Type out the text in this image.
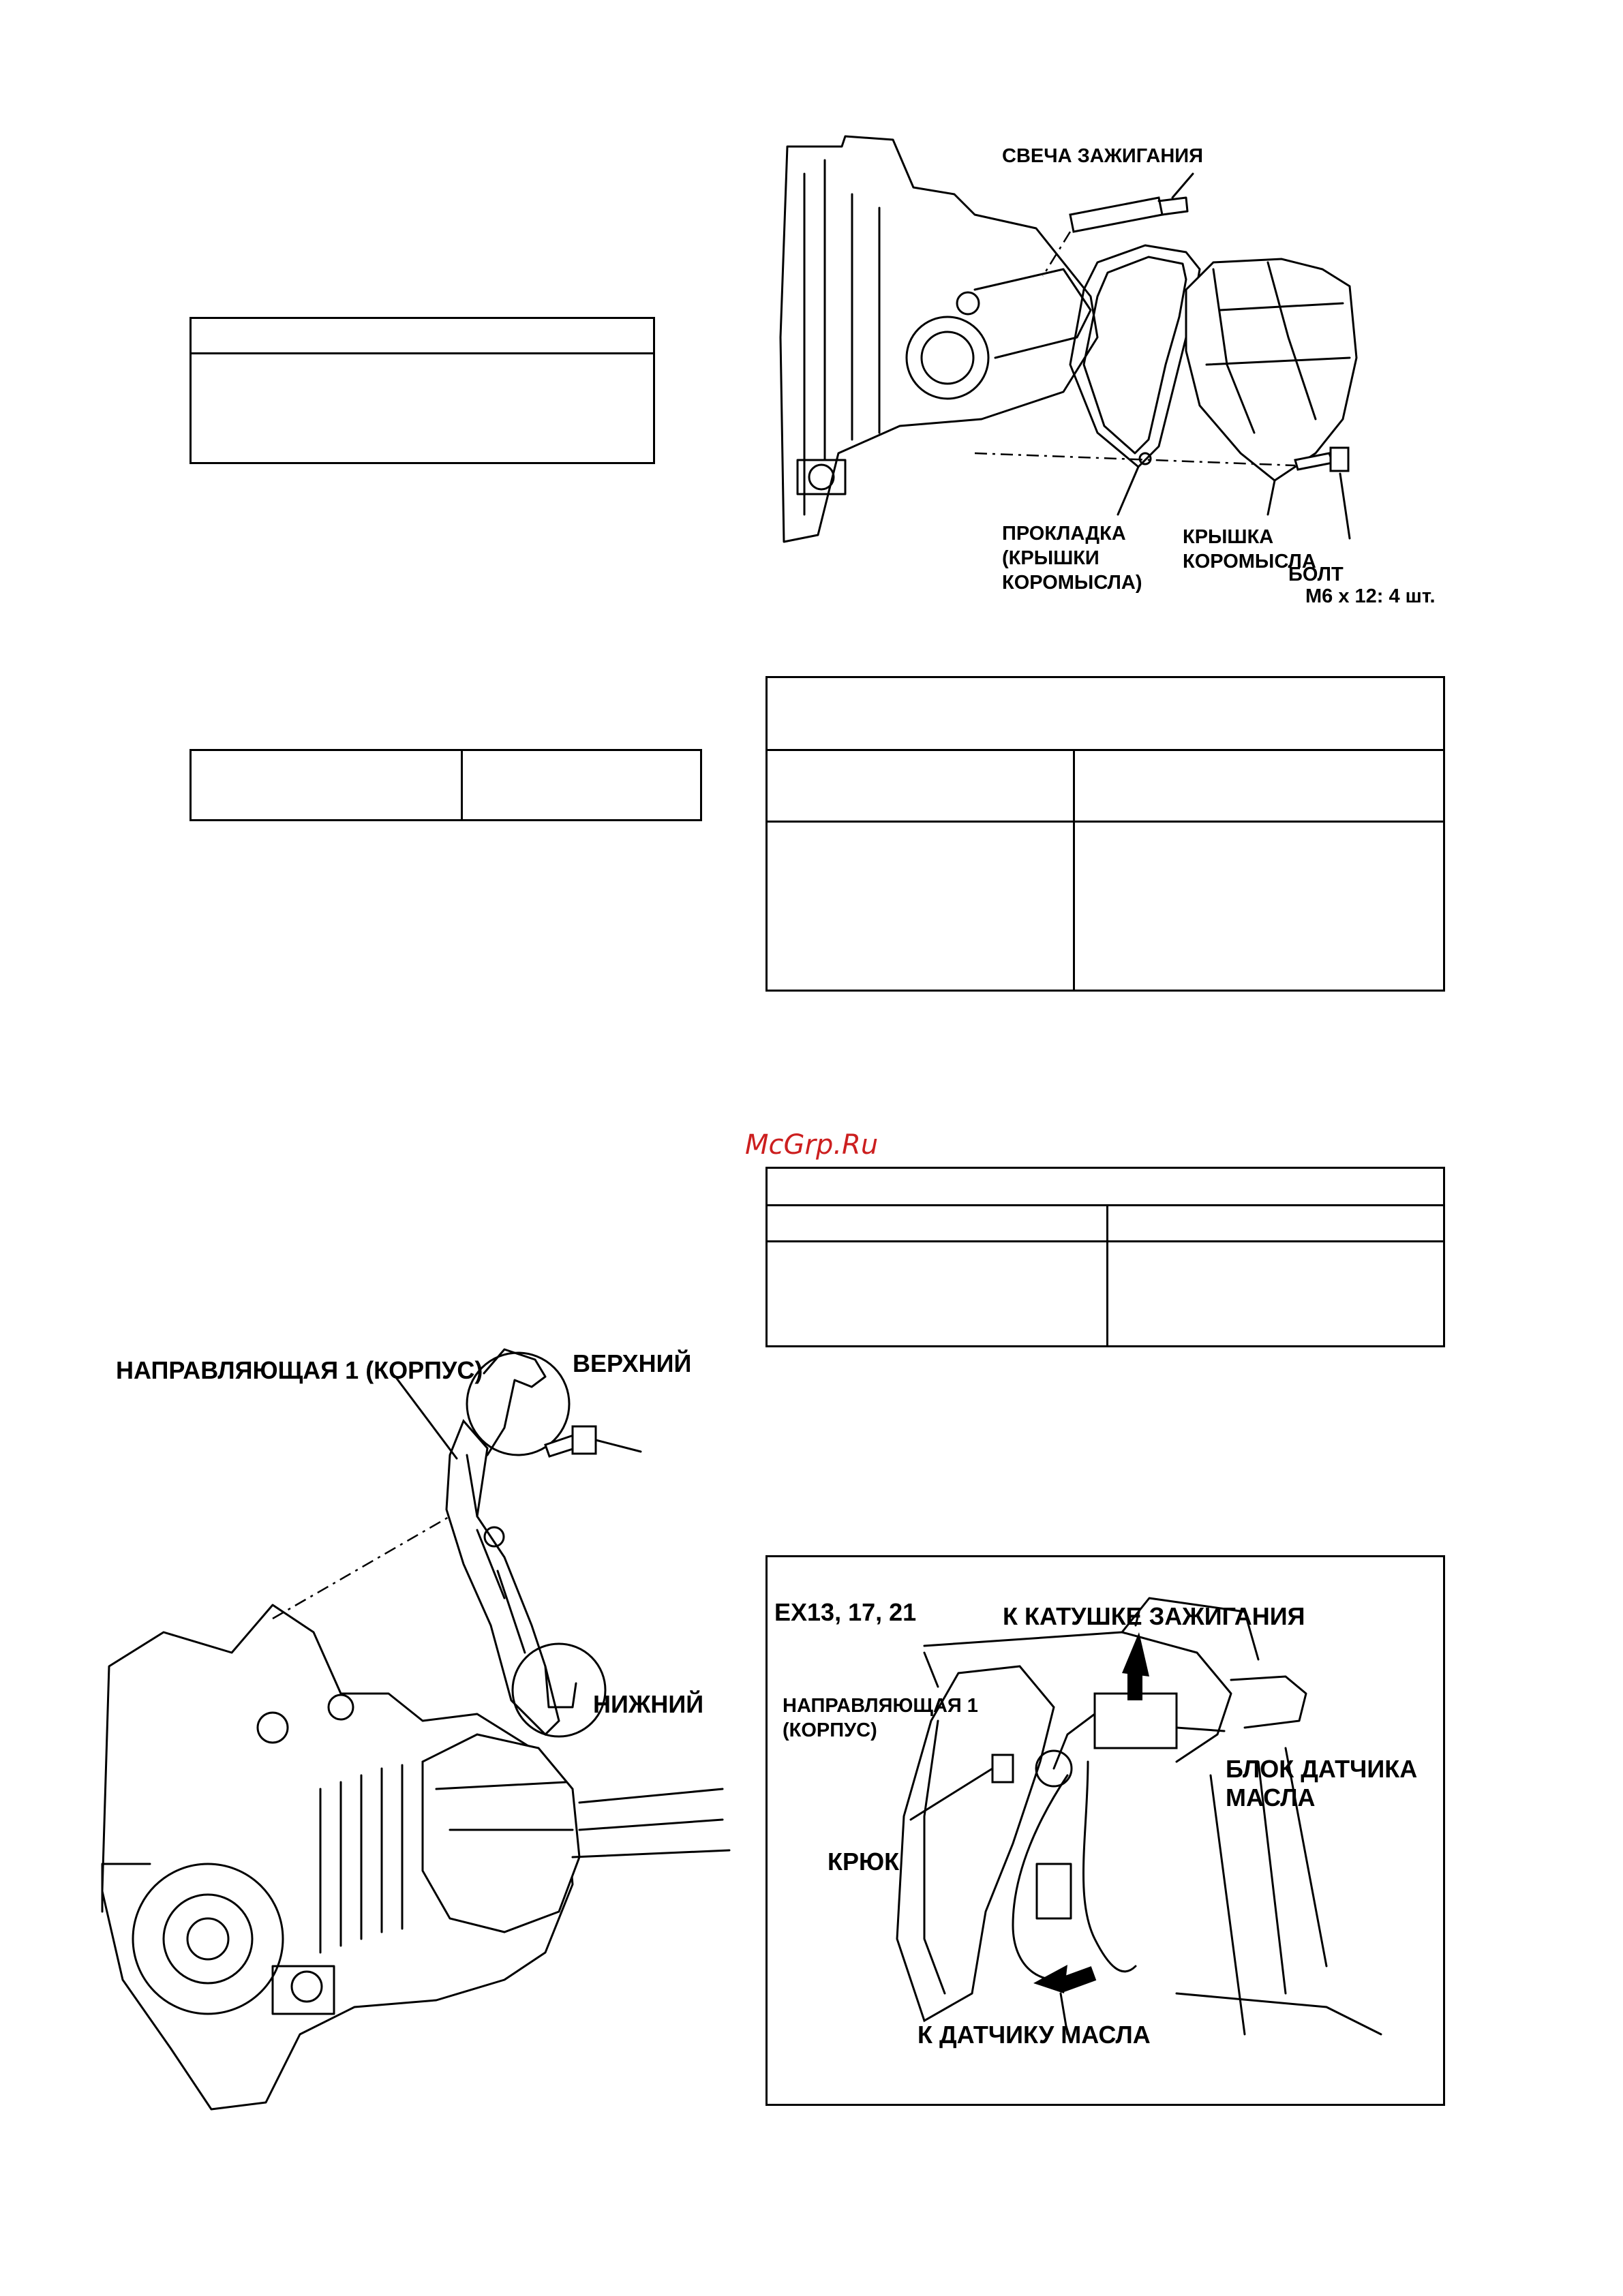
McGrp.Ru
СВЕЧА ЗАЖИГАНИЯ
ПРОКЛАДКА
(КРЫШКИ
КОРОМЫСЛА)
КРЫШКА
КОРОМЫСЛА
БОЛТ
M6 x 12: 4 шт.
НАПРАВЛЯЮЩАЯ 1 (КОРПУС)	ВЕРХНИЙ
НИЖНИЙ
EX13, 17, 21	К КАТУШКЕ ЗАЖИГАНИЯ
НАПРАВЛЯЮЩАЯ 1
(КОРПУС)
БЛОК ДАТЧИКА
МАСЛА
КРЮК
К ДАТЧИКУ МАСЛА
